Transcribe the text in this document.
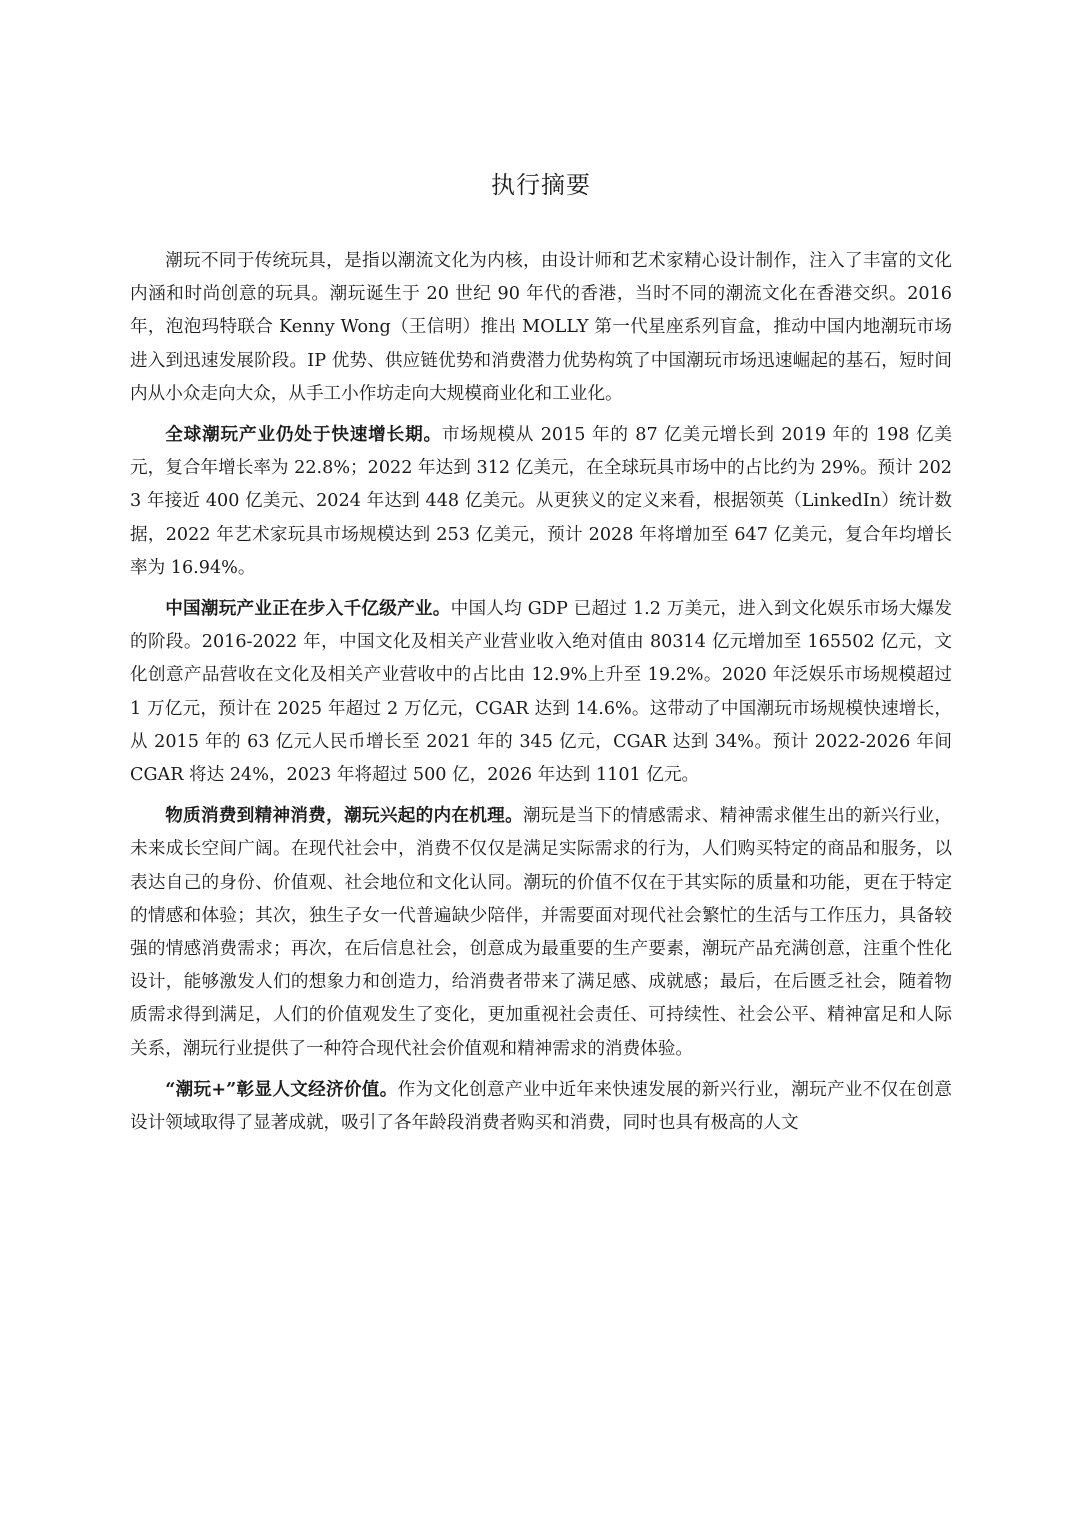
执行摘要

潮玩不同于传统玩具，是指以潮流文化为内核，由设计师和艺术家精心设计制作，注入了丰富的文化内涵和时尚创意的玩具。潮玩诞生于 20 世纪 90 年代的香港，当时不同的潮流文化在香港交织。2016 年，泡泡玛特联合 Kenny Wong（王信明）推出 MOLLY 第一代星座系列盲盒，推动中国内地潮玩市场进入到迅速发展阶段。IP 优势、供应链优势和消费潜力优势构筑了中国潮玩市场迅速崛起的基石，短时间内从小众走向大众，从手工小作坊走向大规模商业化和工业化。

全球潮玩产业仍处于快速增长期。市场规模从 2015 年的 87 亿美元增长到 2019 年的 198 亿美元，复合年增长率为 22.8%；2022 年达到 312 亿美元，在全球玩具市场中的占比约为 29%。预计 2023 年接近 400 亿美元、2024 年达到 448 亿美元。从更狭义的定义来看，根据领英（LinkedIn）统计数据，2022 年艺术家玩具市场规模达到 253 亿美元，预计 2028 年将增加至 647 亿美元，复合年均增长率为 16.94%。

中国潮玩产业正在步入千亿级产业。中国人均 GDP 已超过 1.2 万美元，进入到文化娱乐市场大爆发的阶段。2016-2022 年，中国文化及相关产业营业收入绝对值由 80314 亿元增加至 165502 亿元，文化创意产品营收在文化及相关产业营收中的占比由 12.9%上升至 19.2%。2020 年泛娱乐市场规模超过 1 万亿元，预计在 2025 年超过 2 万亿元，CGAR 达到 14.6%。这带动了中国潮玩市场规模快速增长，从 2015 年的 63 亿元人民币增长至 2021 年的 345 亿元，CGAR 达到 34%。预计 2022-2026 年间 CGAR 将达 24%，2023 年将超过 500 亿，2026 年达到 1101 亿元。

物质消费到精神消费，潮玩兴起的内在机理。潮玩是当下的情感需求、精神需求催生出的新兴行业，未来成长空间广阔。在现代社会中，消费不仅仅是满足实际需求的行为，人们购买特定的商品和服务，以表达自己的身份、价值观、社会地位和文化认同。潮玩的价值不仅在于其实际的质量和功能，更在于特定的情感和体验；其次，独生子女一代普遍缺少陪伴，并需要面对现代社会繁忙的生活与工作压力，具备较强的情感消费需求；再次，在后信息社会，创意成为最重要的生产要素，潮玩产品充满创意，注重个性化设计，能够激发人们的想象力和创造力，给消费者带来了满足感、成就感；最后，在后匮乏社会，随着物质需求得到满足，人们的价值观发生了变化，更加重视社会责任、可持续性、社会公平、精神富足和人际关系，潮玩行业提供了一种符合现代社会价值观和精神需求的消费体验。

“潮玩+”彰显人文经济价值。作为文化创意产业中近年来快速发展的新兴行业，潮玩产业不仅在创意设计领域取得了显著成就，吸引了各年龄段消费者购买和消费，同时也具有极高的人文
